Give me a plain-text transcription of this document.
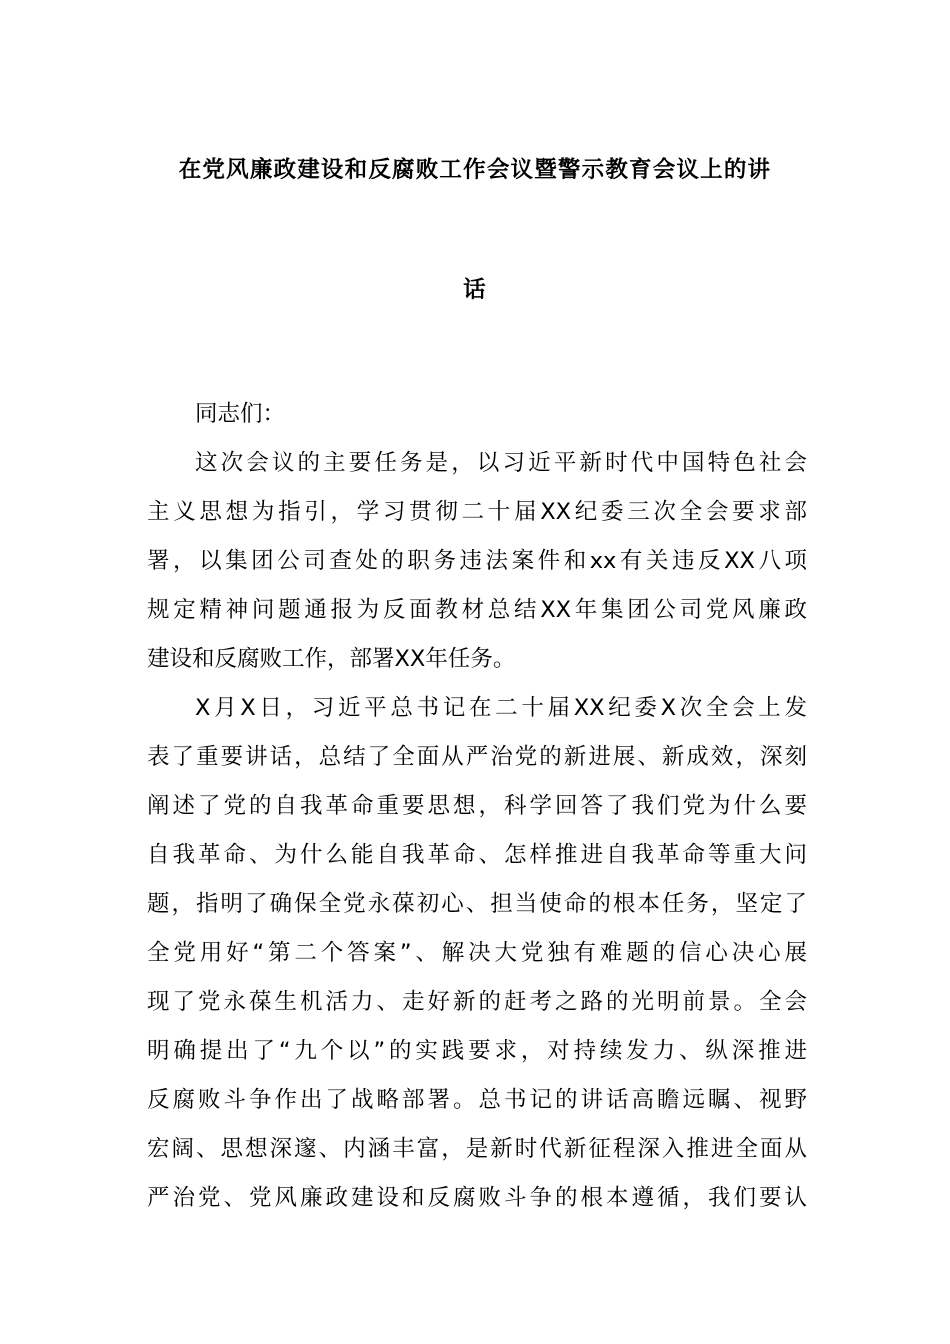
在党风廉政建设和反腐败工作会议暨警示教育会议上的讲
话
同志们：
这次会议的主要任务是，以习近平新时代中国特色社会
主义思想为指引，学习贯彻二十届XX纪委三次全会要求部
署，以集团公司查处的职务违法案件和xx有关违反XX八项
规定精神问题通报为反面教材总结XX年集团公司党风廉政
建设和反腐败工作，部署XX年任务。
X月X日，习近平总书记在二十届XX纪委X次全会上发
表了重要讲话，总结了全面从严治党的新进展、新成效，深刻
阐述了党的自我革命重要思想，科学回答了我们党为什么要
自我革命、为什么能自我革命、怎样推进自我革命等重大问
题，指明了确保全党永葆初心、担当使命的根本任务，坚定了
全党用好“第二个答案”、解决大党独有难题的信心决心展
现了党永葆生机活力、走好新的赶考之路的光明前景。全会
明确提出了“九个以”的实践要求，对持续发力、纵深推进
反腐败斗争作出了战略部署。总书记的讲话高瞻远瞩、视野
宏阔、思想深邃、内涵丰富，是新时代新征程深入推进全面从
严治党、党风廉政建设和反腐败斗争的根本遵循，我们要认
